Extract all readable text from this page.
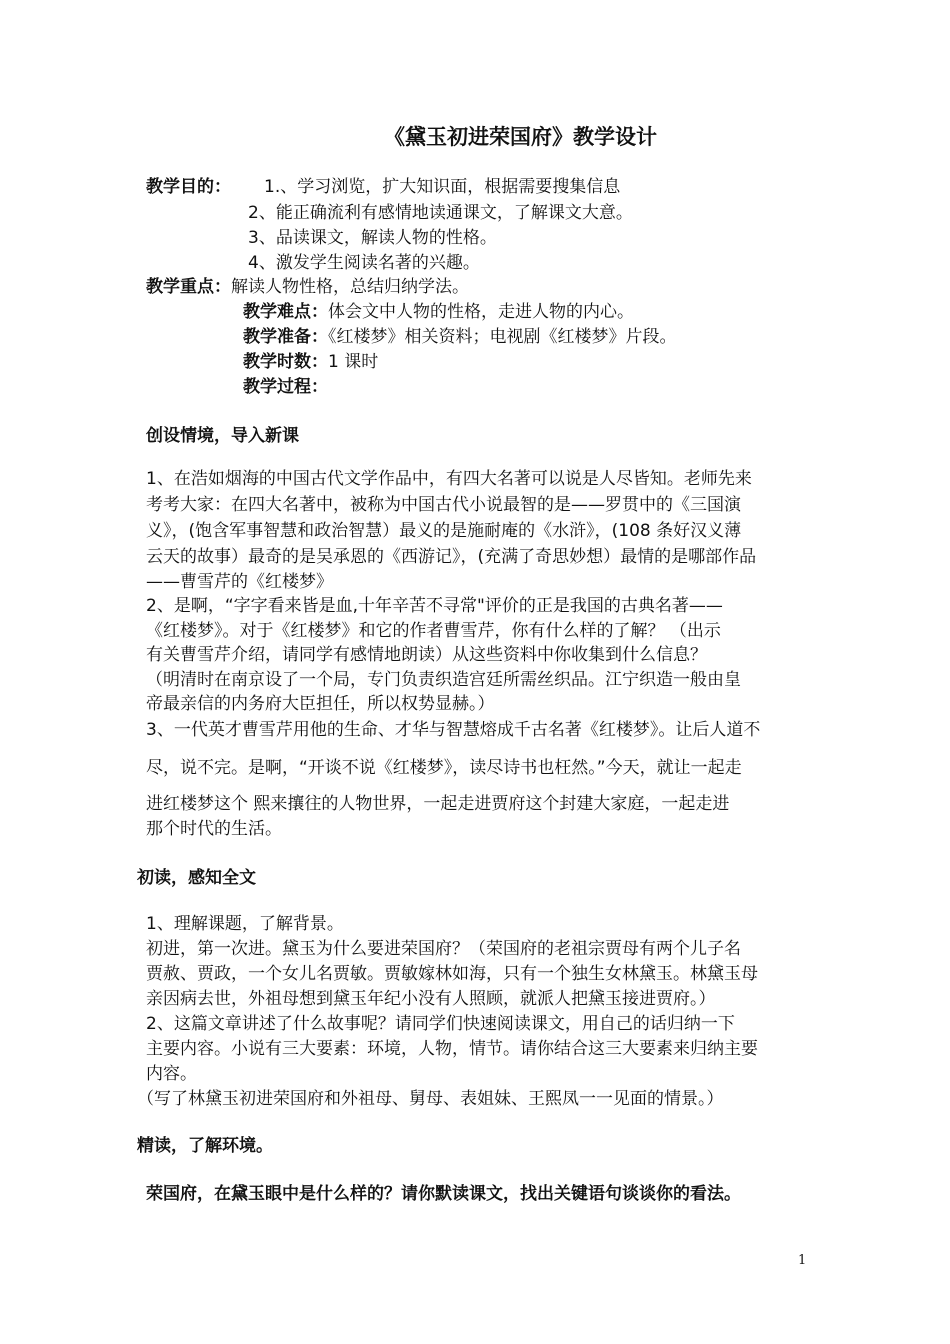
《黛玉初进荣国府》教学设计
教学目的： 1.、学习浏览，扩大知识面，根据需要搜集信息
2、能正确流利有感情地读通课文，了解课文大意。
3、品读课文，解读人物的性格。
4、激发学生阅读名著的兴趣。
教学重点：解读人物性格，总结归纳学法。
教学难点：体会文中人物的性格，走进人物的内心。
教学准备：《红楼梦》相关资料；电视剧《红楼梦》片段。
教学时数：1 课时
教学过程：
创设情境，导入新课
1、在浩如烟海的中国古代文学作品中，有四大名著可以说是人尽皆知。老师先来
考考大家：在四大名著中，被称为中国古代小说最智的是——罗贯中的《三国演
义》，(饱含军事智慧和政治智慧）最义的是施耐庵的《水浒》，(108 条好汉义薄
云天的故事）最奇的是吴承恩的《西游记》，(充满了奇思妙想）最情的是哪部作品
——曹雪芹的《红楼梦》
2、是啊，“字字看来皆是血,十年辛苦不寻常"评价的正是我国的古典名著——
《红楼梦》。对于《红楼梦》和它的作者曹雪芹，你有什么样的了解？ （出示
有关曹雪芹介绍，请同学有感情地朗读）从这些资料中你收集到什么信息？
（明清时在南京设了一个局，专门负责织造宫廷所需丝织品。江宁织造一般由皇
帝最亲信的内务府大臣担任，所以权势显赫。）
3、一代英才曹雪芹用他的生命、才华与智慧熔成千古名著《红楼梦》。让后人道不
尽，说不完。是啊，“开谈不说《红楼梦》，读尽诗书也枉然。”今天，就让一起走
进红楼梦这个 熙来攘往的人物世界，一起走进贾府这个封建大家庭，一起走进
那个时代的生活。
初读，感知全文
1、理解课题，了解背景。
初进，第一次进。黛玉为什么要进荣国府？（荣国府的老祖宗贾母有两个儿子名
贾赦、贾政，一个女儿名贾敏。贾敏嫁林如海，只有一个独生女林黛玉。林黛玉母
亲因病去世，外祖母想到黛玉年纪小没有人照顾，就派人把黛玉接进贾府。）
2、这篇文章讲述了什么故事呢？请同学们快速阅读课文，用自己的话归纳一下
主要内容。小说有三大要素：环境，人物，情节。请你结合这三大要素来归纳主要
内容。
（写了林黛玉初进荣国府和外祖母、舅母、表姐妹、王熙凤一一见面的情景。）
精读，了解环境。
荣国府，在黛玉眼中是什么样的？请你默读课文，找出关键语句谈谈你的看法。
1
